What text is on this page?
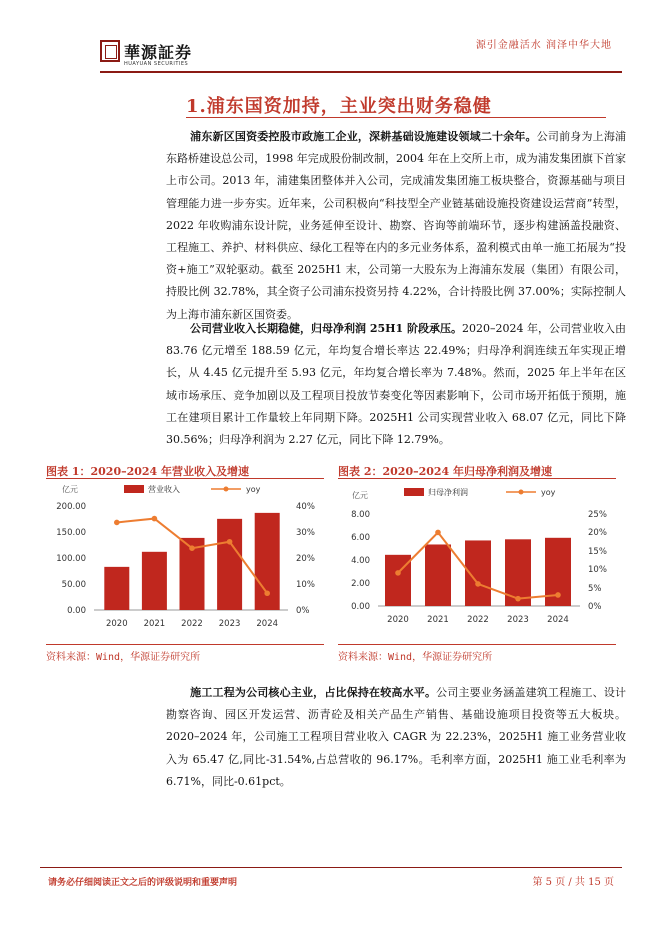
華源証券
HUAYUAN SECURITIES
源引金融活水 润泽中华大地
1.浦东国资加持，主业突出财务稳健
浦东新区国资委控股市政施工企业，深耕基础设施建设领域二十余年。公司前身为上海浦东路桥建设总公司，1998 年完成股份制改制，2004 年在上交所上市，成为浦发集团旗下首家上市公司。2013 年，浦建集团整体并入公司，完成浦发集团施工板块整合，资源基础与项目管理能力进一步夯实。近年来，公司积极向“科技型全产业链基础设施投资建设运营商”转型，2022 年收购浦东设计院，业务延伸至设计、勘察、咨询等前端环节，逐步构建涵盖投融资、工程施工、养护、材料供应、绿化工程等在内的多元业务体系，盈利模式由单一施工拓展为“投资+施工”双轮驱动。截至 2025H1 末，公司第一大股东为上海浦东发展（集团）有限公司，持股比例 32.78%，其全资子公司浦东投资另持 4.22%，合计持股比例 37.00%；实际控制人为上海市浦东新区国资委。
公司营业收入长期稳健，归母净利润 25H1 阶段承压。2020–2024 年，公司营业收入由 83.76 亿元增至 188.59 亿元，年均复合增长率达 22.49%；归母净利润连续五年实现正增长，从 4.45 亿元提升至 5.93 亿元，年均复合增长率为 7.48%。然而，2025 年上半年在区域市场承压、竞争加剧以及工程项目投放节奏变化等因素影响下，公司市场开拓低于预期，施工在建项目累计工作量较上年同期下降。2025H1 公司实现营业收入 68.07 亿元，同比下降 30.56%；归母净利润为 2.27 亿元，同比下降 12.79%。
图表 1：2020–2024 年营业收入及增速
亿元	营业收入	yoy
200.00
150.00
100.00
50.00
0.00
40%
30%
20%
10%
0%
2020 2021 2022 2023 2024
资料来源：Wind，华源证券研究所
图表 2：2020–2024 年归母净利润及增速
亿元	归母净利润	yoy
8.00
6.00
4.00
2.00
0.00
25%
20%
15%
10%
5%
0%
2020 2021 2022 2023 2024
资料来源：Wind，华源证券研究所
施工工程为公司核心主业，占比保持在较高水平。公司主要业务涵盖建筑工程施工、设计勘察咨询、园区开发运营、沥青砼及相关产品生产销售、基础设施项目投资等五大板块。2020–2024 年，公司施工工程项目营业收入 CAGR 为 22.23%，2025H1 施工业务营业收入为 65.47 亿,同比-31.54%,占总营收的 96.17%。毛利率方面，2025H1 施工业毛利率为 6.71%，同比-0.61pct。
请务必仔细阅读正文之后的评级说明和重要声明	第 5 页 / 共 15 页
